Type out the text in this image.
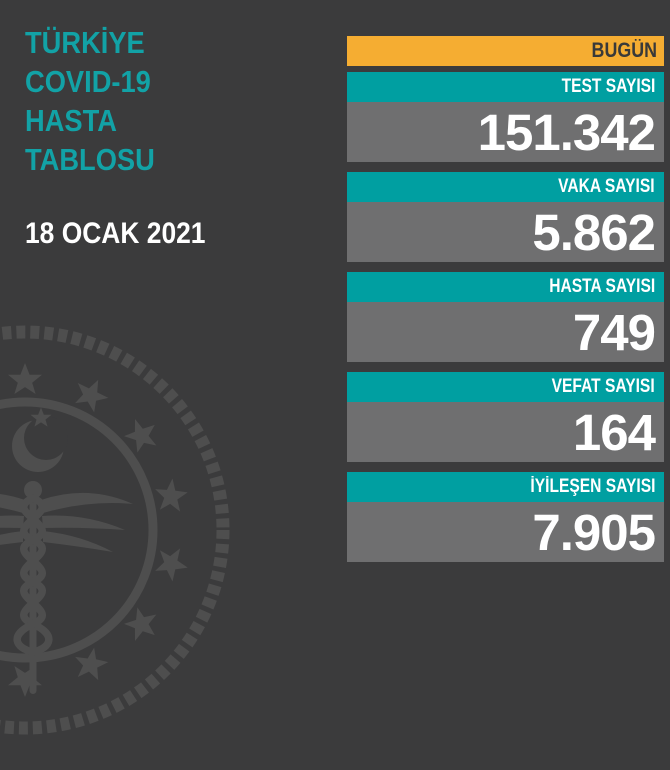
TÜRKİYE
COVID-19
HASTA
TABLOSU
18 OCAK 2021
BUGÜN
TEST SAYISI
151.342
VAKA SAYISI
5.862
HASTA SAYISI
749
VEFAT SAYISI
164
İYİLEŞEN SAYISI
7.905
